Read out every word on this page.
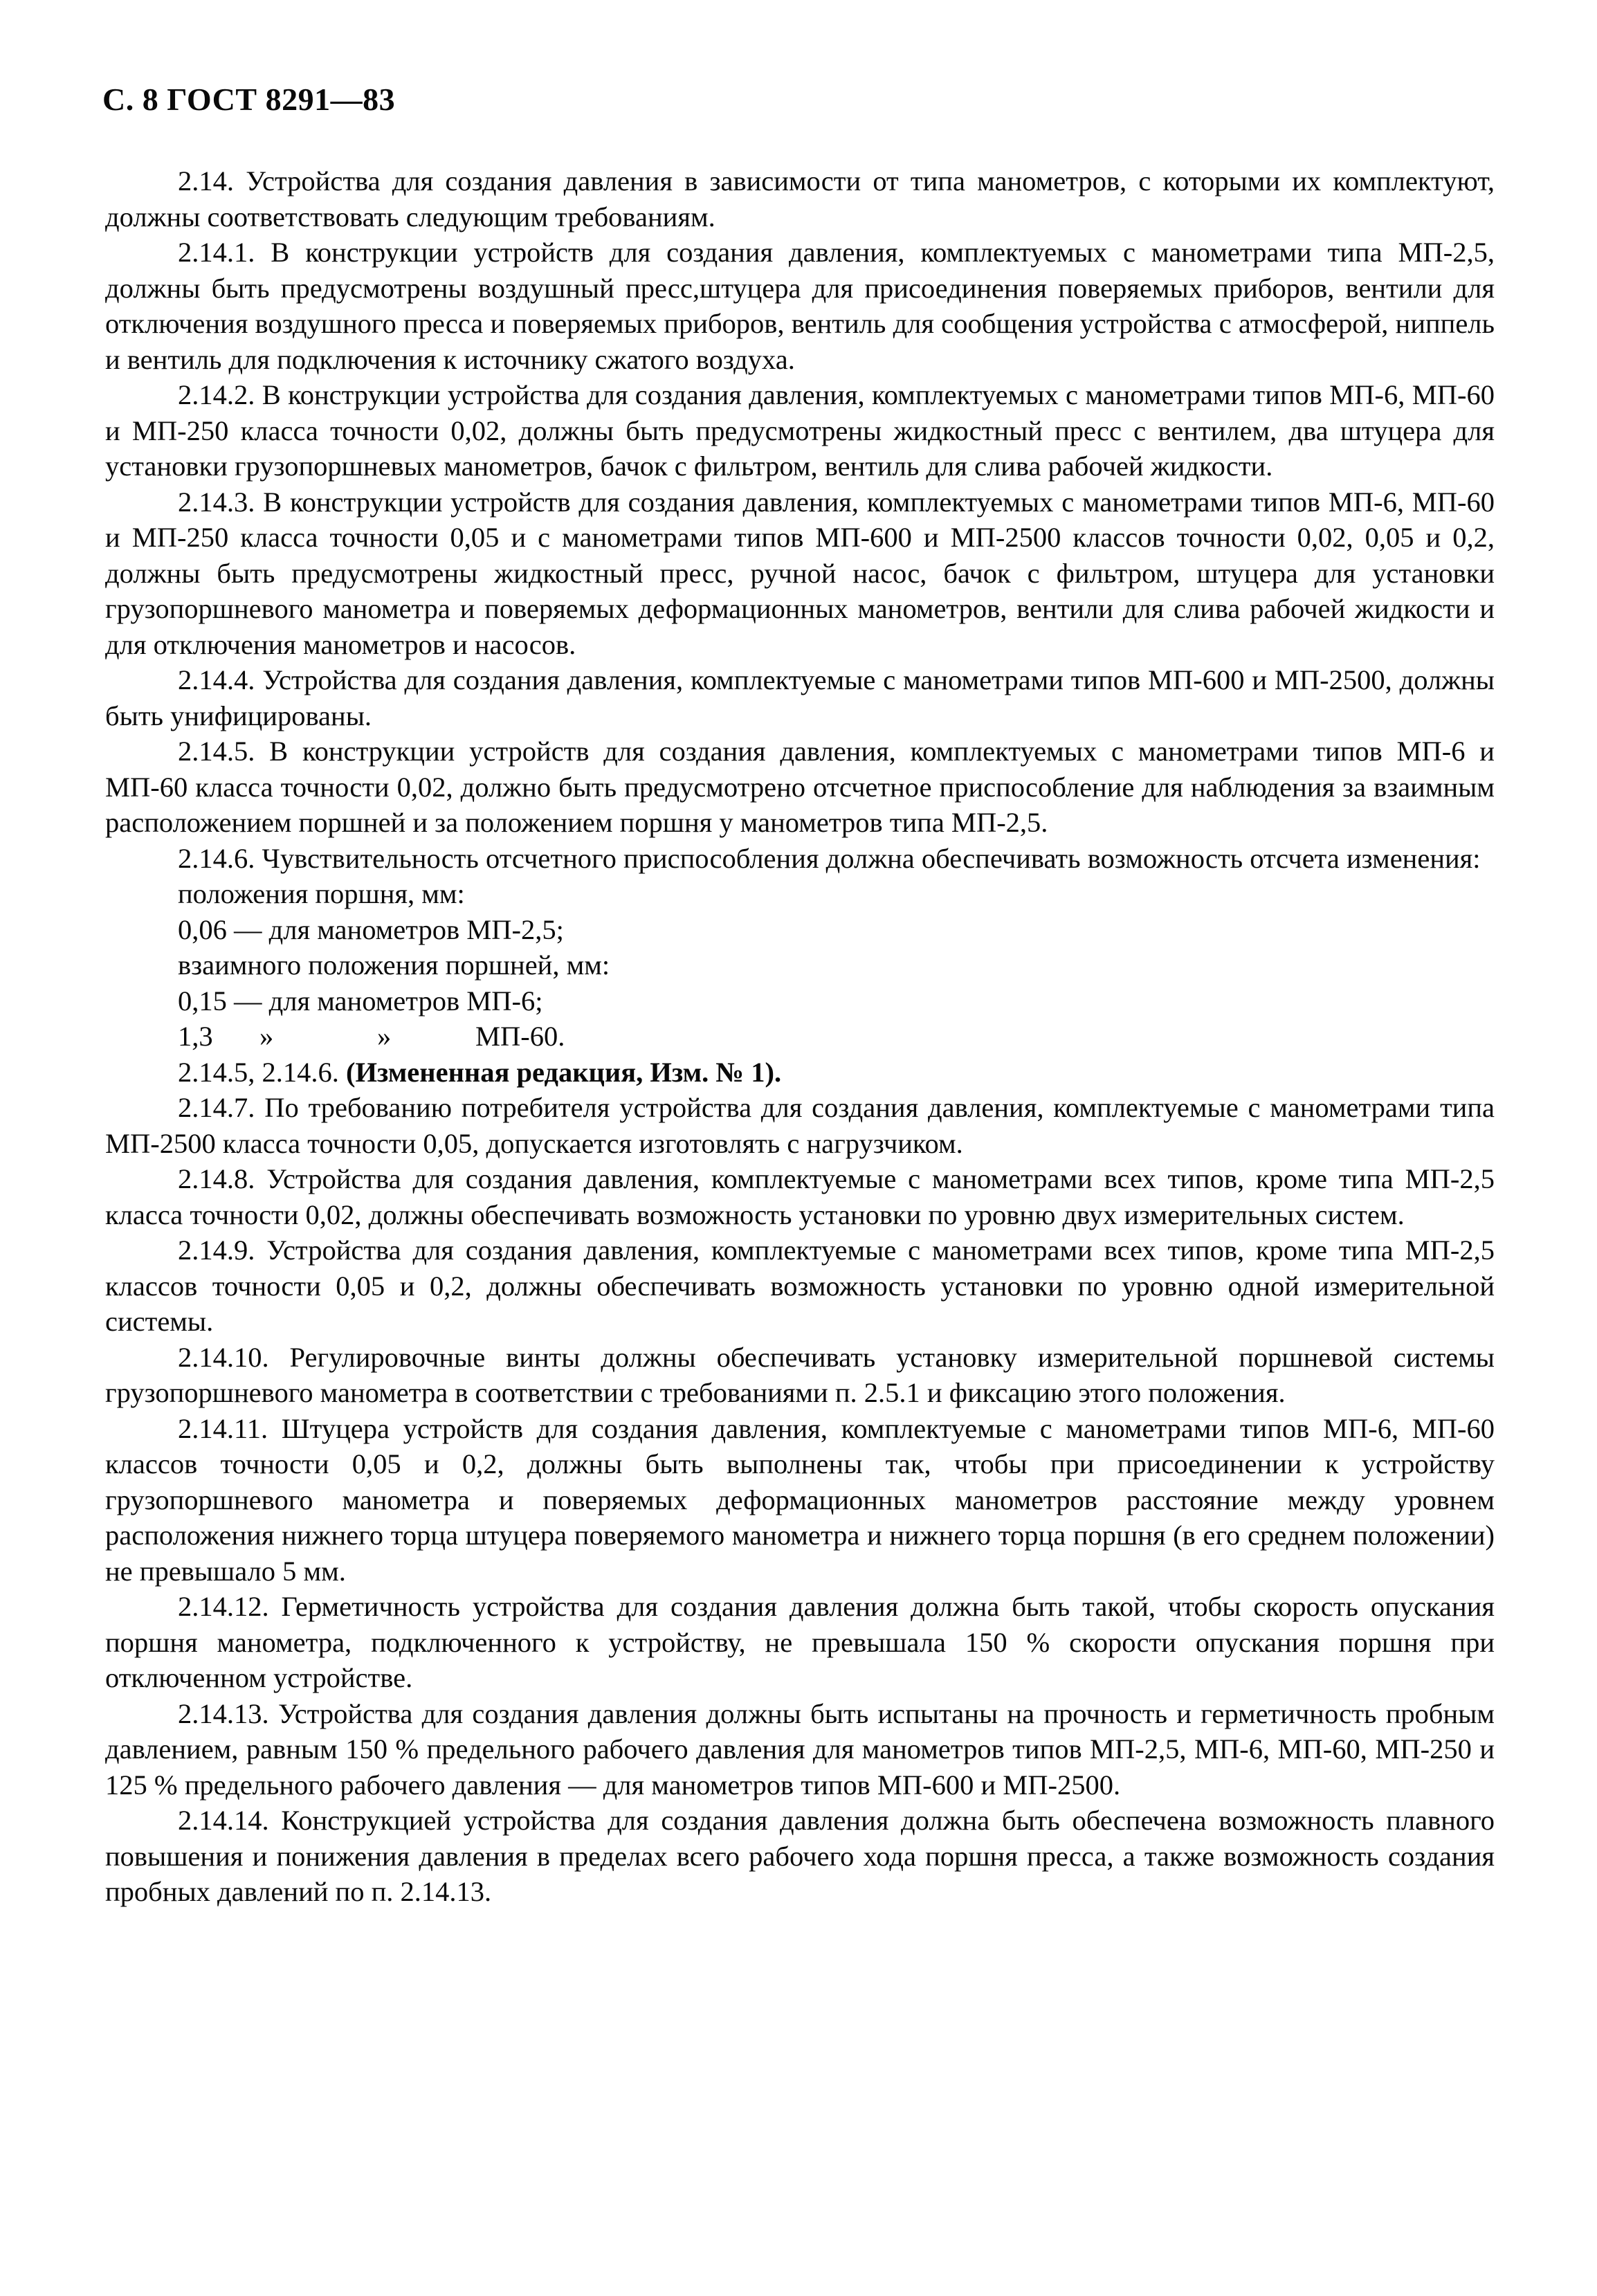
С. 8 ГОСТ 8291—83

2.14. Устройства для создания давления в зависимости от типа манометров, с которыми их комплектуют, должны соответствовать следующим требованиям.

2.14.1. В конструкции устройств для создания давления, комплектуемых с манометрами типа МП-2,5, должны быть предусмотрены воздушный пресс,штуцера для присоединения поверяемых приборов, вентили для отключения воздушного пресса и поверяемых приборов, вентиль для сообщения устройства с атмосферой, ниппель и вентиль для подключения к источнику сжатого воздуха.

2.14.2. В конструкции устройства для создания давления, комплектуемых с манометрами типов МП-6, МП-60 и МП-250 класса точности 0,02, должны быть предусмотрены жидкостный пресс с вентилем, два штуцера для установки грузопоршневых манометров, бачок с фильтром, вентиль для слива рабочей жидкости.

2.14.3. В конструкции устройств для создания давления, комплектуемых с манометрами типов МП-6, МП-60 и МП-250 класса точности 0,05 и с манометрами типов МП-600 и МП-2500 классов точности 0,02, 0,05 и 0,2, должны быть предусмотрены жидкостный пресс, ручной насос, бачок с фильтром, штуцера для установки грузопоршневого манометра и поверяемых деформационных манометров, вентили для слива рабочей жидкости и для отключения манометров и насосов.

2.14.4. Устройства для создания давления, комплектуемые с манометрами типов МП-600 и МП-2500, должны быть унифицированы.

2.14.5. В конструкции устройств для создания давления, комплектуемых с манометрами типов МП-6 и МП-60 класса точности 0,02, должно быть предусмотрено отсчетное приспособление для наблюдения за взаимным расположением поршней и за положением поршня у манометров типа МП-2,5.

2.14.6. Чувствительность отсчетного приспособления должна обеспечивать возможность отсчета изменения:

положения поршня, мм:

0,06 — для манометров МП-2,5;

взаимного положения поршней, мм:

0,15 — для манометров МП-6;

1,3 »	»	МП-60.

2.14.5, 2.14.6. (Измененная редакция, Изм. № 1).

2.14.7. По требованию потребителя устройства для создания давления, комплектуемые с манометрами типа МП-2500 класса точности 0,05, допускается изготовлять с нагрузчиком.

2.14.8. Устройства для создания давления, комплектуемые с манометрами всех типов, кроме типа МП-2,5 класса точности 0,02, должны обеспечивать возможность установки по уровню двух измерительных систем.

2.14.9. Устройства для создания давления, комплектуемые с манометрами всех типов, кроме типа МП-2,5 классов точности 0,05 и 0,2, должны обеспечивать возможность установки по уровню одной измерительной системы.

2.14.10. Регулировочные винты должны обеспечивать установку измерительной поршневой системы грузопоршневого манометра в соответствии с требованиями п. 2.5.1 и фиксацию этого положения.

2.14.11. Штуцера устройств для создания давления, комплектуемые с манометрами типов МП-6, МП-60 классов точности 0,05 и 0,2, должны быть выполнены так, чтобы при присоединении к устройству грузопоршневого манометра и поверяемых деформационных манометров расстояние между уровнем расположения нижнего торца штуцера поверяемого манометра и нижнего торца поршня (в его среднем положении) не превышало 5 мм.

2.14.12. Герметичность устройства для создания давления должна быть такой, чтобы скорость опускания поршня манометра, подключенного к устройству, не превышала 150 % скорости опускания поршня при отключенном устройстве.

2.14.13. Устройства для создания давления должны быть испытаны на прочность и герметичность пробным давлением, равным 150 % предельного рабочего давления для манометров типов МП-2,5, МП-6, МП-60, МП-250 и 125 % предельного рабочего давления — для манометров типов МП-600 и МП-2500.

2.14.14. Конструкцией устройства для создания давления должна быть обеспечена возможность плавного повышения и понижения давления в пределах всего рабочего хода поршня пресса, а также возможность создания пробных давлений по п. 2.14.13.
